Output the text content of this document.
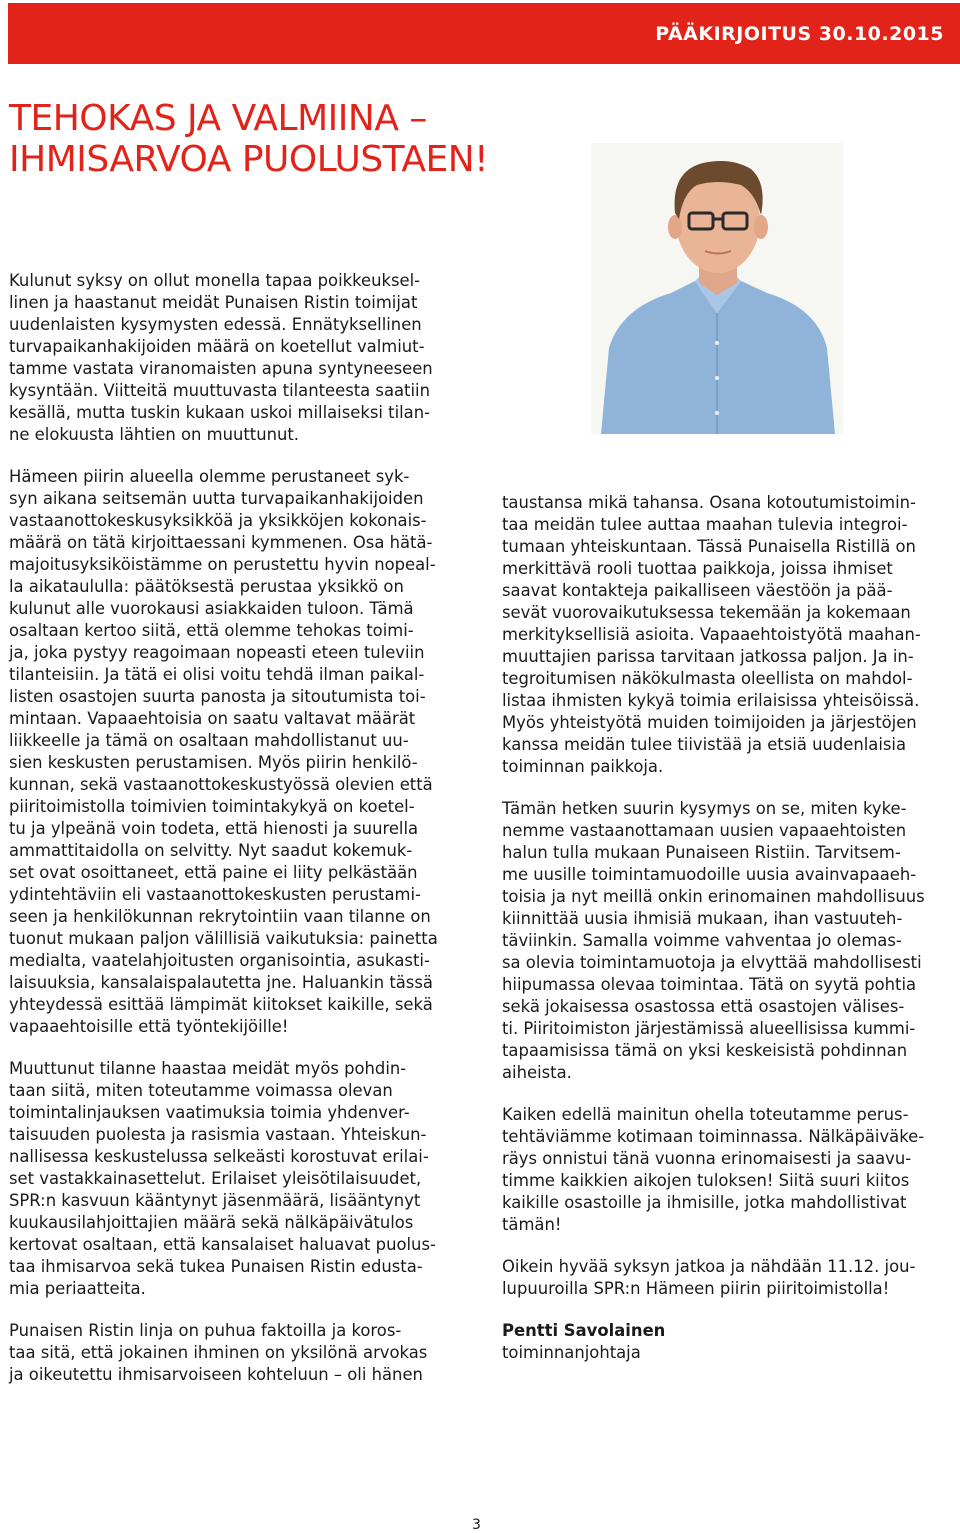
PÄÄKIRJOITUS 30.10.2015
TEHOKAS JA VALMIINA –
IHMISARVOA PUOLUSTAEN!

Kulunut syksy on ollut monella tapaa poikkeuksel-
linen ja haastanut meidät Punaisen Ristin toimijat
uudenlaisten kysymysten edessä. Ennätyksellinen
turvapaikanhakijoiden määrä on koetellut valmiut-
tamme vastata viranomaisten apuna syntyneeseen
kysyntään. Viitteitä muuttuvasta tilanteesta saatiin
kesällä, mutta tuskin kukaan uskoi millaiseksi tilan-
ne elokuusta lähtien on muuttunut.

Hämeen piirin alueella olemme perustaneet syk-
syn aikana seitsemän uutta turvapaikanhakijoiden
vastaanottokeskusyksikköä ja yksikköjen kokonais-
määrä on tätä kirjoittaessani kymmenen. Osa hätä-
majoitusyksiköistämme on perustettu hyvin nopeal-
la aikataululla: päätöksestä perustaa yksikkö on
kulunut alle vuorokausi asiakkaiden tuloon. Tämä
osaltaan kertoo siitä, että olemme tehokas toimi-
ja, joka pystyy reagoimaan nopeasti eteen tuleviin
tilanteisiin. Ja tätä ei olisi voitu tehdä ilman paikal-
listen osastojen suurta panosta ja sitoutumista toi-
mintaan. Vapaaehtoisia on saatu valtavat määrät
liikkeelle ja tämä on osaltaan mahdollistanut uu-
sien keskusten perustamisen. Myös piirin henkilö-
kunnan, sekä vastaanottokeskustyössä olevien että
piiritoimistolla toimivien toimintakykyä on koetel-
tu ja ylpeänä voin todeta, että hienosti ja suurella
ammattitaidolla on selvitty. Nyt saadut kokemuk-
set ovat osoittaneet, että paine ei liity pelkästään
ydintehtäviin eli vastaanottokeskusten perustami-
seen ja henkilökunnan rekrytointiin vaan tilanne on
tuonut mukaan paljon välillisiä vaikutuksia: painetta
medialta, vaatelahjoitusten organisointia, asukasti-
laisuuksia, kansalaispalautetta jne. Haluankin tässä
yhteydessä esittää lämpimät kiitokset kaikille, sekä
vapaaehtoisille että työntekijöille!

Muuttunut tilanne haastaa meidät myös pohdin-
taan siitä, miten toteutamme voimassa olevan
toimintalinjauksen vaatimuksia toimia yhdenver-
taisuuden puolesta ja rasismia vastaan. Yhteiskun-
nallisessa keskustelussa selkeästi korostuvat erilai-
set vastakkainasettelut. Erilaiset yleisötilaisuudet,
SPR:n kasvuun kääntynyt jäsenmäärä, lisääntynyt
kuukausilahjoittajien määrä sekä nälkäpäivätulos
kertovat osaltaan, että kansalaiset haluavat puolus-
taa ihmisarvoa sekä tukea Punaisen Ristin edusta-
mia periaatteita.

Punaisen Ristin linja on puhua faktoilla ja koros-
taa sitä, että jokainen ihminen on yksilönä arvokas
ja oikeutettu ihmisarvoiseen kohteluun – oli hänen

taustansa mikä tahansa. Osana kotoutumistoimin-
taa meidän tulee auttaa maahan tulevia integroi-
tumaan yhteiskuntaan. Tässä Punaisella Ristillä on
merkittävä rooli tuottaa paikkoja, joissa ihmiset
saavat kontakteja paikalliseen väestöön ja pää-
sevät vuorovaikutuksessa tekemään ja kokemaan
merkityksellisiä asioita. Vapaaehtoistyötä maahan-
muuttajien parissa tarvitaan jatkossa paljon. Ja in-
tegroitumisen näkökulmasta oleellista on mahdol-
listaa ihmisten kykyä toimia erilaisissa yhteisöissä.
Myös yhteistyötä muiden toimijoiden ja järjestöjen
kanssa meidän tulee tiivistää ja etsiä uudenlaisia
toiminnan paikkoja.

Tämän hetken suurin kysymys on se, miten kyke-
nemme vastaanottamaan uusien vapaaehtoisten
halun tulla mukaan Punaiseen Ristiin. Tarvitsem-
me uusille toimintamuodoille uusia avainvapaaeh-
toisia ja nyt meillä onkin erinomainen mahdollisuus
kiinnittää uusia ihmisiä mukaan, ihan vastuuteh-
täviinkin. Samalla voimme vahventaa jo olemas-
sa olevia toimintamuotoja ja elvyttää mahdollisesti
hiipumassa olevaa toimintaa. Tätä on syytä pohtia
sekä jokaisessa osastossa että osastojen välises-
ti. Piiritoimiston järjestämissä alueellisissa kummi-
tapaamisissa tämä on yksi keskeisistä pohdinnan
aiheista.

Kaiken edellä mainitun ohella toteutamme perus-
tehtäviämme kotimaan toiminnassa. Nälkäpäiväke-
räys onnistui tänä vuonna erinomaisesti ja saavu-
timme kaikkien aikojen tuloksen! Siitä suuri kiitos
kaikille osastoille ja ihmisille, jotka mahdollistivat
tämän!

Oikein hyvää syksyn jatkoa ja nähdään 11.12. jou-
lupuuroilla SPR:n Hämeen piirin piiritoimistolla!

Pentti Savolainen
toiminnanjohtaja

3
